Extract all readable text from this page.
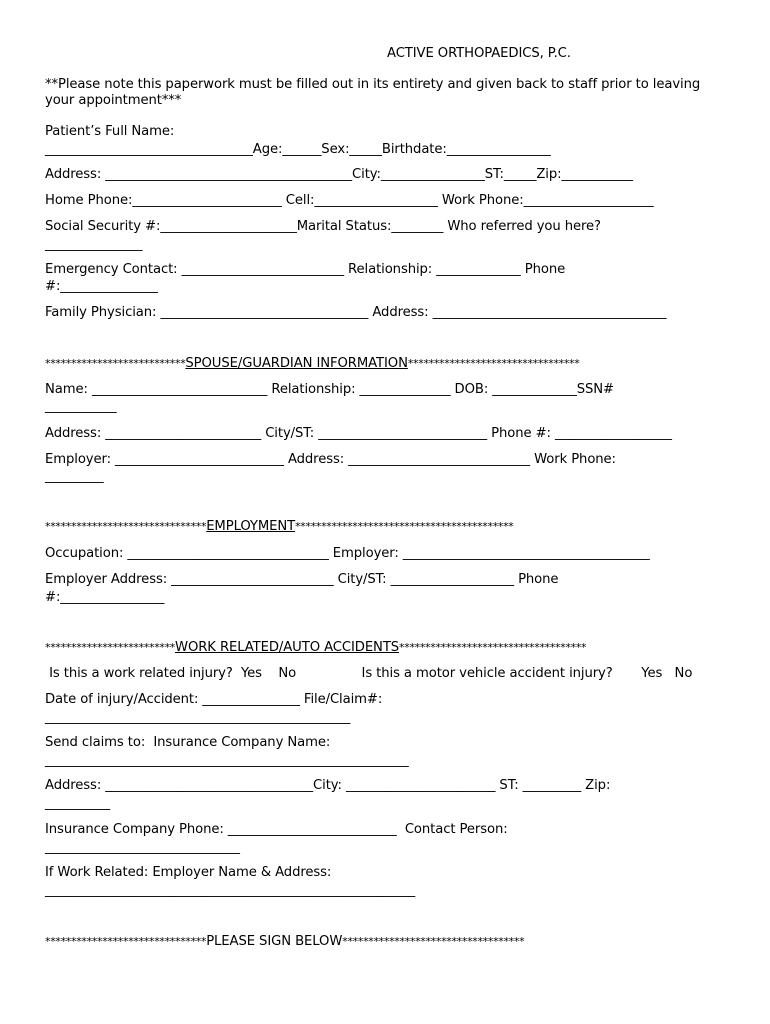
ACTIVE ORTHOPAEDICS, P.C.
**Please note this paperwork must be filled out in its entirety and given back to staff prior to leaving
your appointment***
Patient’s Full Name:
________________________________Age:______Sex:_____Birthdate:________________
Address: ______________________________________City:________________ST:_____Zip:___________
Home Phone:_______________________ Cell:___________________ Work Phone:____________________
Social Security #:_____________________Marital Status:________ Who referred you here?
_______________
Emergency Contact: _________________________ Relationship: _____________ Phone
#:_______________
Family Physician: ________________________________ Address: ____________________________________
***************************SPOUSE/GUARDIAN INFORMATION*********************************
Name: ___________________________ Relationship: ______________ DOB: _____________SSN#
___________
Address: ________________________ City/ST: __________________________ Phone #: __________________
Employer: __________________________ Address: ____________________________ Work Phone:
_________
*******************************EMPLOYMENT******************************************
Occupation: _______________________________ Employer: ______________________________________
Employer Address: _________________________ City/ST: ___________________ Phone
#:________________
*************************WORK RELATED/AUTO ACCIDENTS************************************
Is this a work related injury?  Yes    No                Is this a motor vehicle accident injury?       Yes   No
Date of injury/Accident: _______________ File/Claim#:
_______________________________________________
Send claims to:  Insurance Company Name:
________________________________________________________
Address: ________________________________City: _______________________ ST: _________ Zip:
__________
Insurance Company Phone: __________________________  Contact Person:
______________________________
If Work Related: Employer Name & Address:
_________________________________________________________
*******************************PLEASE SIGN BELOW***********************************
